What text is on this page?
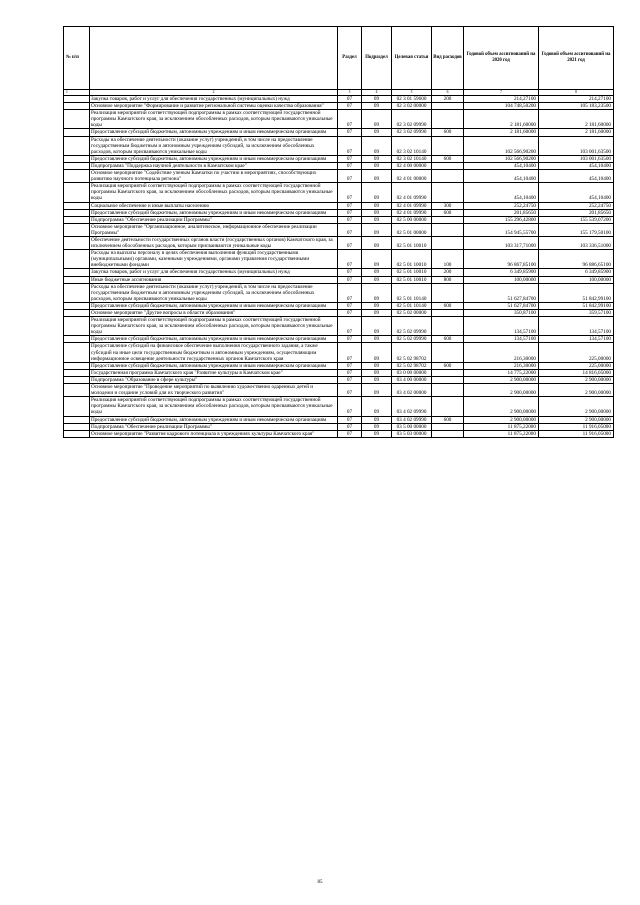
№ п/п		Раздел	Подраздел	Целевая статья	Вид расходов	Годовой объем ассигнований на 2020 год	Годовой объем ассигнований на 2021 год
1	2	3	4	5	6	7	8
	Закупка товаров, работ и услуг для обеспечения государственных (муниципальных) нужд	07	09	02 3 01 59600	200	214,27100	214,27100
	Основное мероприятие "Формирование и развитие региональной системы оценки качества образования"	07	09	02 3 02 00000		104 748,50200	105 183,23500
	Реализация мероприятий соответствующей подпрограммы в рамках соответствующей государственной программы Камчатского края, за исключением обособленных расходов, которым присваиваются уникальные коды	07	09	02 3 02 09990		2 181,60000	2 181,60000
	Предоставление субсидий бюджетным, автономным учреждениям и иным некоммерческим организациям	07	09	02 3 02 09990	600	2 181,60000	2 181,60000
	Расходы на обеспечение деятельности (оказание услуг) учреждений, в том числе на предоставление государственным бюджетным и автономным учреждениям субсидий, за исключением обособленных расходов, которым присваиваются уникальные коды	07	09	02 3 02 10140		102 566,90200	103 001,63500
	Предоставление субсидий бюджетным, автономным учреждениям и иным некоммерческим организациям	07	09	02 3 02 10140	600	102 566,90200	103 001,63500
	Подпрограмма "Поддержка научной деятельности в Камчатском крае"	07	09	02 4 00 00000		454,10400	454,10400
	Основное мероприятие "Содействие ученым Камчатки по участию в мероприятиях, способствующих развитию научного потенциала региона"	07	09	02 4 01 00000		454,10400	454,10400
	Реализация мероприятий соответствующей подпрограммы в рамках соответствующей государственной программы Камчатского края, за исключением обособленных расходов, которым присваиваются уникальные коды	07	09	02 4 01 09990		454,10400	454,10400
	Социальное обеспечение и иные выплаты населению	07	09	02 4 01 09990	300	252,24750	252,24750
	Предоставление субсидий бюджетным, автономным учреждениям и иным некоммерческим организациям	07	09	02 4 01 09990	600	201,85650	201,85650
	Подпрограмма "Обеспечение реализации Программы"	07	09	02 5 00 00000		155 296,42800	155 539,07200
	Основное мероприятие "Организационное, аналитическое, информационное обеспечение реализации Программы"	07	09	02 5 01 00000		154 945,55700	155 179,50100
	Обеспечение деятельности государственных органов власти (государственных органов) Камчатского края, за исключением обособленных расходов, которым присваиваются уникальные коды	07	09	02 5 01 10010		103 317,71000	103 336,51000
	Расходы на выплаты персоналу в целях обеспечения выполнения функций государственными (муниципальными) органами, казенными учреждениями, органами управления государственными внебюджетными фондами	07	09	02 5 01 10010	100	96 867,85100	96 886,65100
	Закупка товаров, работ и услуг для обеспечения государственных (муниципальных) нужд	07	09	02 5 01 10010	200	6 349,85900	6 349,85900
	Иные бюджетные ассигнования	07	09	02 5 01 10010	800	100,00000	100,00000
	Расходы на обеспечение деятельности (оказание услуг) учреждений, в том числе на предоставление государственным бюджетным и автономным учреждениям субсидий, за исключением обособленных расходов, которым присваиваются уникальные коды	07	09	02 5 01 10140		51 627,84700	51 842,99100
	Предоставление субсидий бюджетным, автономным учреждениям и иным некоммерческим организациям	07	09	02 5 01 10140	600	51 627,84700	51 842,99100
	Основное мероприятие "Другие вопросы в области образования"	07	09	02 5 02 00000		350,87100	359,57100
	Реализация мероприятий соответствующей подпрограммы в рамках соответствующей государственной программы Камчатского края, за исключением обособленных расходов, которым присваиваются уникальные коды	07	09	02 5 02 09990		134,57100	134,57100
	Предоставление субсидий бюджетным, автономным учреждениям и иным некоммерческим организациям	07	09	02 5 02 09990	600	134,57100	134,57100
	Предоставление субсидий на финансовое обеспечение выполнения государственного задания, а также субсидий на иные цели государственным бюджетным и автономным учреждениям, осуществляющим информационное освещение деятельности государственных органов Камчатского края	07	09	02 5 02 98702		216,30000	225,00000
	Предоставление субсидий бюджетным, автономным учреждениям и иным некоммерческим организациям	07	09	02 5 02 98702	600	216,30000	225,00000
	Государственная программа Камчатского края "Развитие культуры в Камчатском крае"	07	09	03 0 00 00000		14 775,22000	14 816,05000
	Подпрограмма "Образование в сфере культуры"	07	09	03 4 00 00000		2 900,00000	2 900,00000
	Основное мероприятие "Проведение мероприятий по выявлению художественно одаренных детей и молодежи и создание условий для их творческого развития"	07	09	03 4 02 00000		2 900,00000	2 900,00000
	Реализация мероприятий соответствующей подпрограммы в рамках соответствующей государственной программы Камчатского края, за исключением обособленных расходов, которым присваиваются уникальные коды	07	09	03 4 02 09990		2 900,00000	2 900,00000
	Предоставление субсидий бюджетным, автономным учреждениям и иным некоммерческим организациям	07	09	03 4 02 09990	600	2 900,00000	2 900,00000
	Подпрограмма "Обеспечение реализации Программы"	07	09	03 5 00 00000		11 875,22000	11 916,05000
	Основное мероприятие "Развитие кадрового потенциала в учреждениях культуры Камчатского края"	07	09	03 5 03 00000		11 875,22000	11 916,05000
85
